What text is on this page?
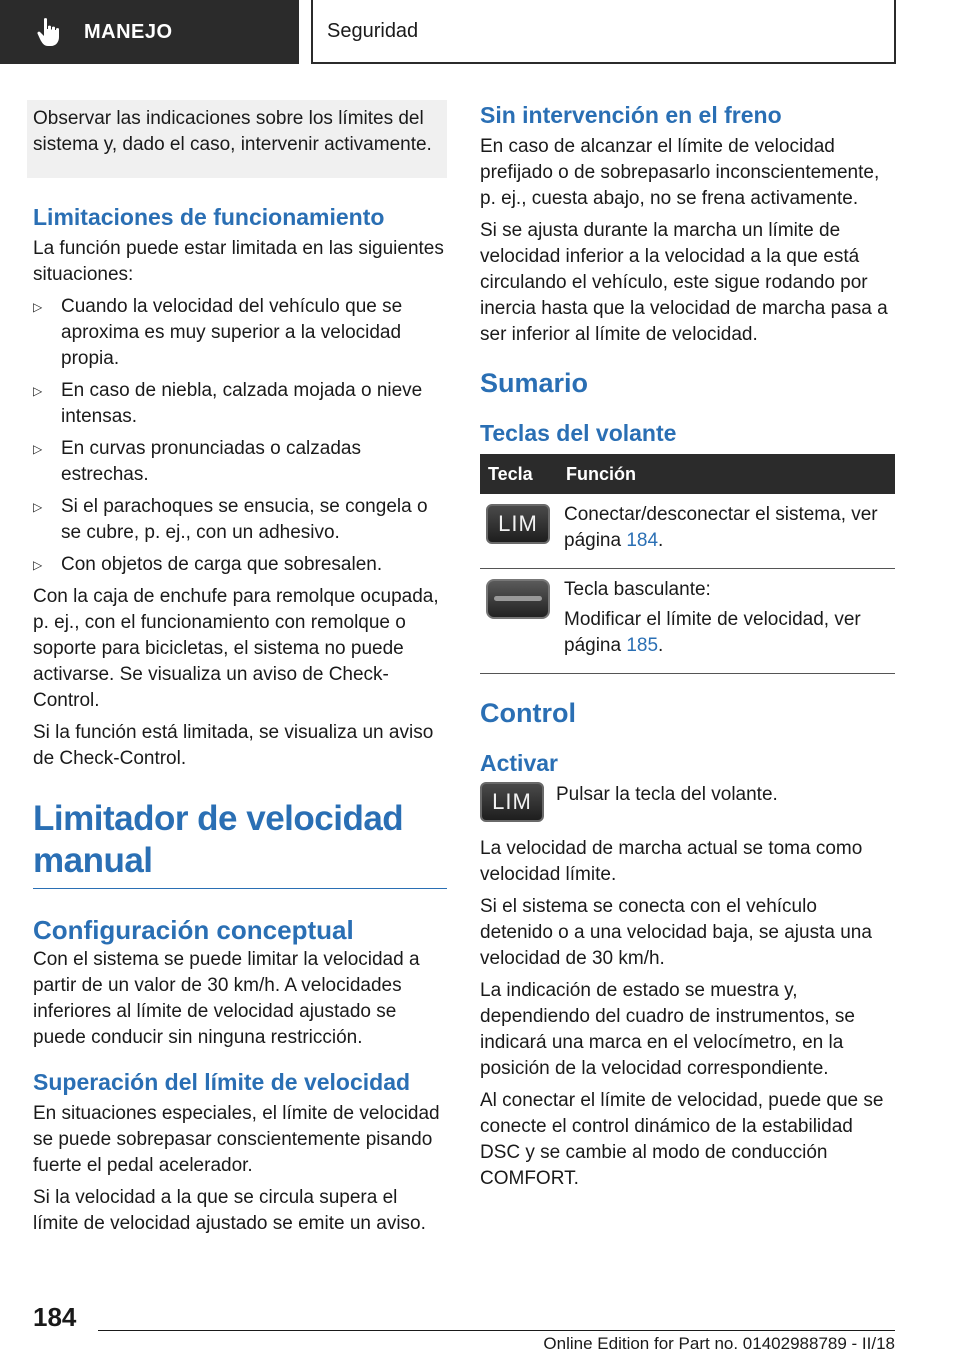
MANEJO	Seguridad

Observar las indicaciones sobre los límites del sistema y, dado el caso, intervenir activamente.

Limitaciones de funcionamiento

La función puede estar limitada en las siguientes situaciones:

▷ Cuando la velocidad del vehículo que se aproxima es muy superior a la velocidad propia.
▷ En caso de niebla, calzada mojada o nieve intensas.
▷ En curvas pronunciadas o calzadas estrechas.
▷ Si el parachoques se ensucia, se congela o se cubre, p. ej., con un adhesivo.
▷ Con objetos de carga que sobresalen.

Con la caja de enchufe para remolque ocupada, p. ej., con el funcionamiento con remolque o soporte para bicicletas, el sistema no puede activarse. Se visualiza un aviso de Check-Control.

Si la función está limitada, se visualiza un aviso de Check-Control.

Limitador de velocidad manual
Configuración conceptual

Con el sistema se puede limitar la velocidad a partir de un valor de 30 km/h. A velocidades inferiores al límite de velocidad ajustado se puede conducir sin ninguna restricción.

Superación del límite de velocidad

En situaciones especiales, el límite de velocidad se puede sobrepasar conscientemente pisando fuerte el pedal acelerador.

Si la velocidad a la que se circula supera el límite de velocidad ajustado se emite un aviso.

Sin intervención en el freno

En caso de alcanzar el límite de velocidad prefijado o de sobrepasarlo inconscientemente, p. ej., cuesta abajo, no se frena activamente.

Si se ajusta durante la marcha un límite de velocidad inferior a la velocidad a la que está circulando el vehículo, este sigue rodando por inercia hasta que la velocidad de marcha pasa a ser inferior al límite de velocidad.

Sumario
Teclas del volante
Tecla	Función

LIM	Conectar/desconectar el sistema, ver página 184.

	Tecla basculante:

Modificar el límite de velocidad, ver página 185.

Control
Activar
LIM	Pulsar la tecla del volante.

La velocidad de marcha actual se toma como velocidad límite.

Si el sistema se conecta con el vehículo detenido o a una velocidad baja, se ajusta una velocidad de 30 km/h.

La indicación de estado se muestra y, dependiendo del cuadro de instrumentos, se indicará una marca en el velocímetro, en la posición de la velocidad correspondiente.

Al conectar el límite de velocidad, puede que se conecte el control dinámico de la estabilidad DSC y se cambie al modo de conducción COMFORT.

184
Online Edition for Part no. 01402988789 - II/18
